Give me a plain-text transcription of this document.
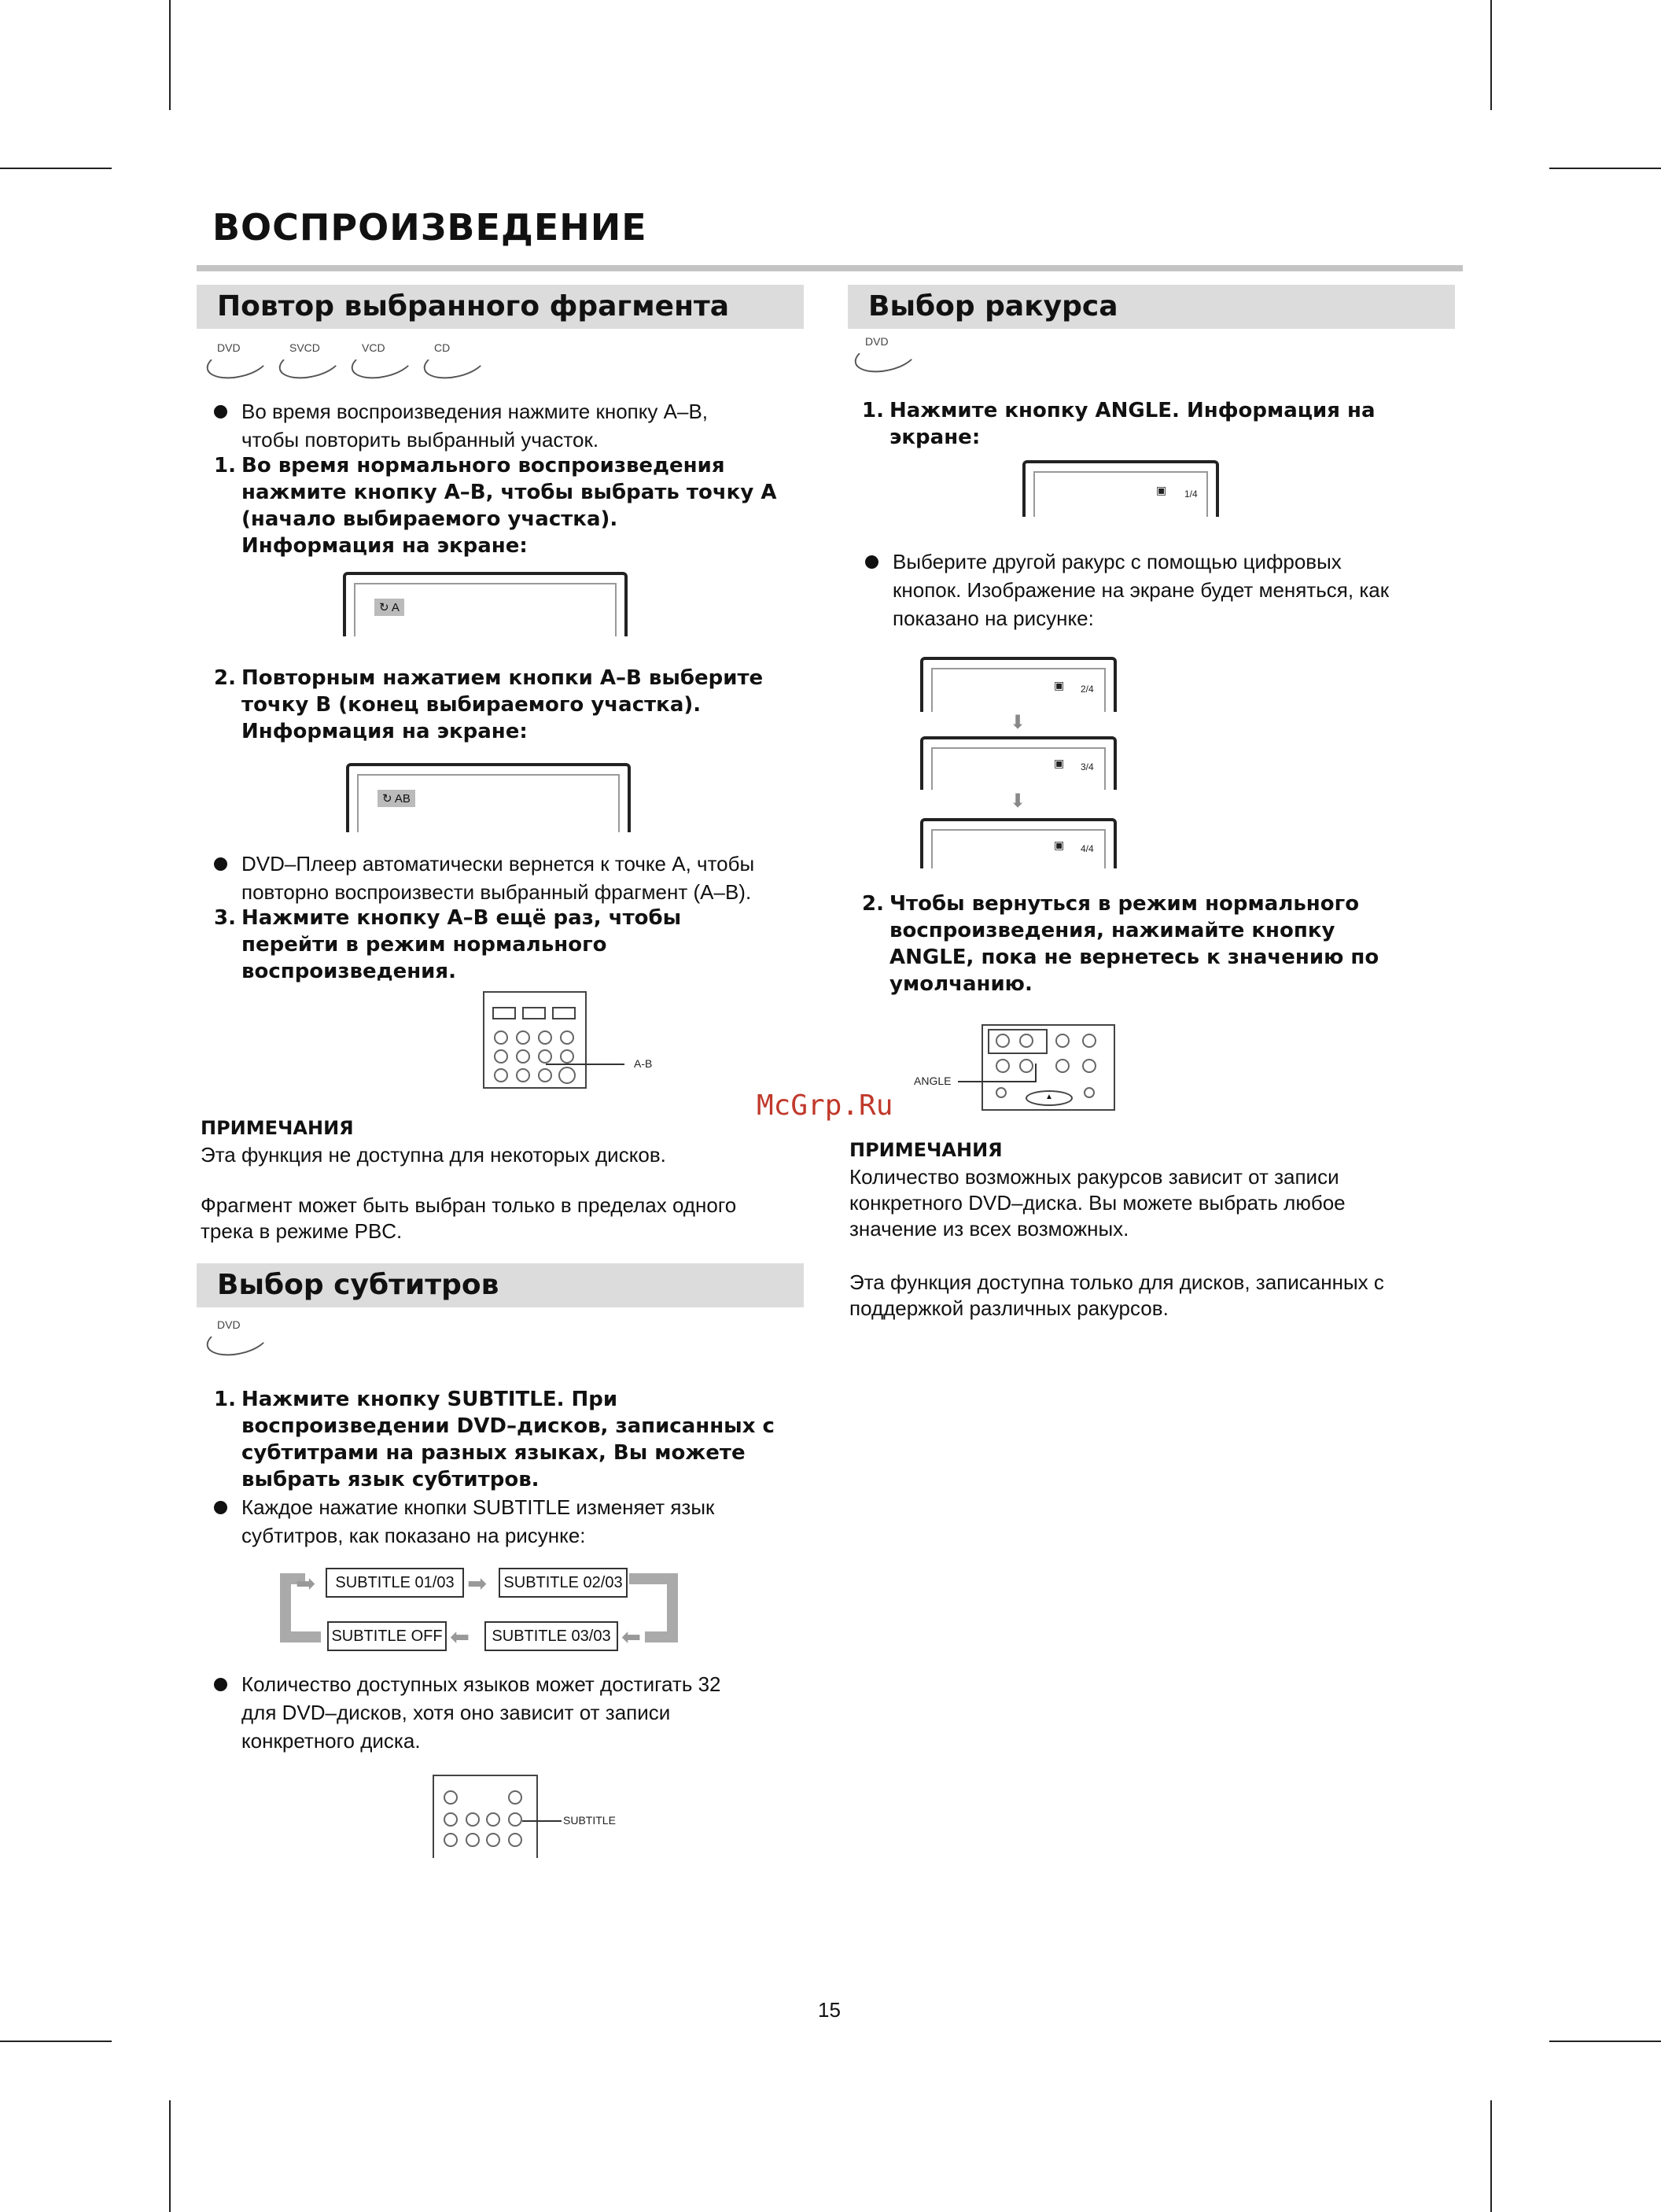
ВОСПРОИЗВЕДЕНИЕ
Повтор выбранного фрагмента
DVD	SVCD	VCD	CD
Во время воспроизведения нажмите кнопку А–В,
чтобы повторить выбранный участок.
1. Во время нормального воспроизведения
нажмите кнопку А–В, чтобы выбрать точку А
(начало выбираемого участка).
Информация на экране:
↻ A
2. Повторным нажатием кнопки А–В выберите
точку В (конец выбираемого участка).
Информация на экране:
↻ AB
DVD–Плеер автоматически вернется к точке А, чтобы
повторно воспроизвести выбранный фрагмент (А–В).
3. Нажмите кнопку А–В ещё раз, чтобы
перейти в режим нормального
воспроизведения.
A-B
ПРИМЕЧАНИЯ
Эта функция не доступна для некоторых дисков.
Фрагмент может быть выбран только в пределах одного
трека в режиме PBC.
Выбор субтитров
DVD
1. Нажмите кнопку SUBTITLE. При
воспроизведении DVD–дисков, записанных с
субтитрами на разных языках, Вы можете
выбрать язык субтитров.
Каждое нажатие кнопки SUBTITLE изменяет язык
субтитров, как показано на рисунке:
➡	➡
⬅	⬅
SUBTITLE 01/03	SUBTITLE 02/03
SUBTITLE OFF	SUBTITLE 03/03
Количество доступных языков может достигать 32
для DVD–дисков, хотя оно зависит от записи
конкретного диска.
SUBTITLE
Выбор ракурса
DVD
1. Нажмите кнопку ANGLE. Информация на
экране:
▣ 1/4
Выберите другой ракурс с помощью цифровых
кнопок. Изображение на экране будет меняться, как
показано на рисунке:
▣ 2/4
⬇
▣ 3/4
⬇
▣ 4/4
2. Чтобы вернуться в режим нормального
воспроизведения, нажимайте кнопку
ANGLE, пока не вернетесь к значению по
умолчанию.
▲
ANGLE
ПРИМЕЧАНИЯ
Количество возможных ракурсов зависит от записи
конкретного DVD–диска. Вы можете выбрать любое
значение из всех возможных.
Эта функция доступна только для дисков, записанных с
поддержкой различных ракурсов.
McGrp.Ru
15
